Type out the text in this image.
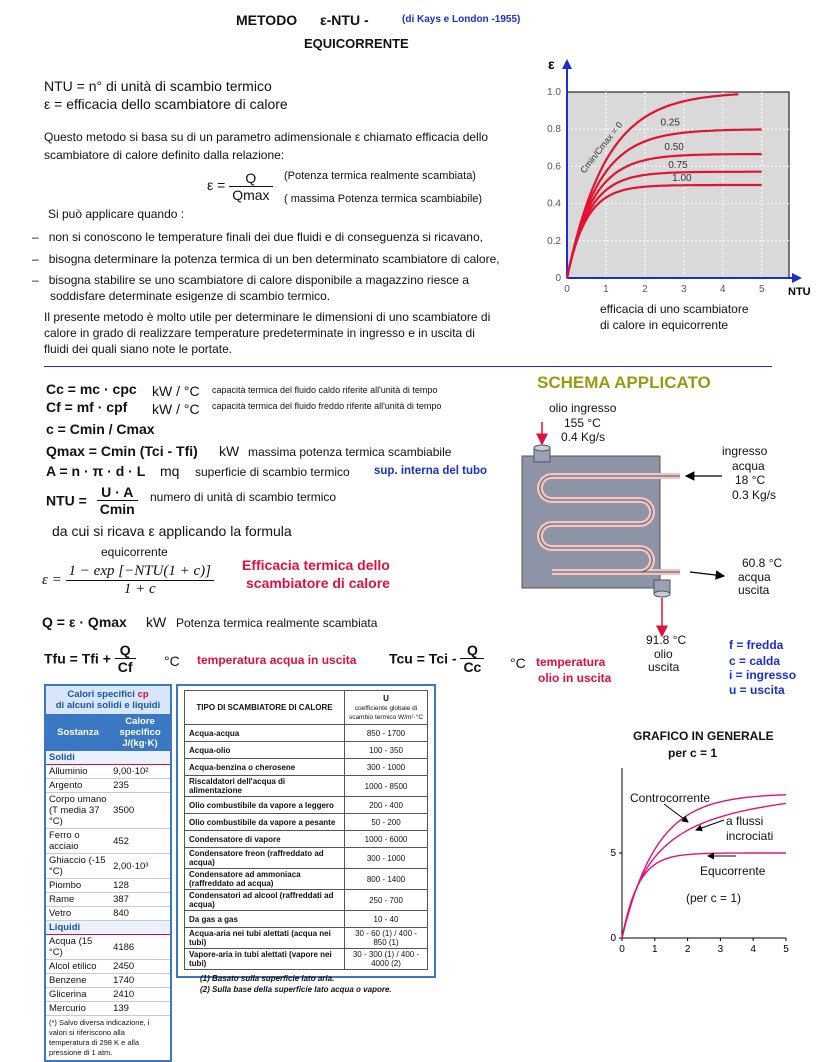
METODO ε-NTU -	(di Kays e London -1955)
EQUICORRENTE
NTU = n° di unità di scambio termico
ε = efficacia dello scambiatore di calore
Questo metodo si basa su di un parametro adimensionale ε chiamato efficacia dello
scambiatore di calore definito dalla relazione:
$\varepsilon = \frac{Q}{Qmax}$ (Potenza termica realmente scambiata)
( massima Potenza termica scambiabile)
Si può applicare quando :
–   non si conoscono le temperature finali dei due fluidi e di conseguenza si ricavano,
–   bisogna determinare la potenza termica di un ben determinato scambiatore di calore,
–   bisogna stabilire se uno scambiatore di calore disponibile a magazzino riesce a
soddisfare determinate esigenze di scambio termico.
Il presente metodo è molto utile per determinare le dimensioni di uno scambiatore di
calore in grado di realizzare temperature predeterminate in ingresso e in uscita di
fluidi dei quali siano note le portate.
0
0.2
0.4
0.6
0.8
1.0
0	1	2	3	4	5
ε
NTU
0.25
0.50
0.75
1.00
Cmin/Cmax = 0
efficacia di uno scambiatore
di calore in equicorrente
Cc = mc · cpc kW / °C capacità termica del fluido caldo riferite all'unità di tempo
Cf = mf · cpf kW / °C capacità termica del fluido freddo riferite all'unità di tempo
c = Cmin / Cmax
Qmax = Cmin (Tci - Tfi) kW massima potenza termica scambiabile
A = n · π · d · L mq superficie di scambio termico sup. interna del tubo
NTU = $\frac{U \cdot A}{Cmin}$ numero di unità di scambio termico
da cui si ricava ε applicando la formula
equicorrente
$\varepsilon = \frac{\text{1 − exp [−NTU(1 + c)]}}{1 + c}$ Efficacia termica dello
scambiatore di calore
Q = ε · Qmax kW Potenza termica realmente scambiata
Tfu = Tfi + $\frac{Q}{Cf} ^\circ C$ temperatura acqua in uscita Tcu = Tci - $\frac{Q}{Cc} ^\circ C$ temperatura
olio in uscita
SCHEMA APPLICATO
olio ingresso
155 °C
0.4 Kg/s
ingresso
acqua
18 °C
0.3 Kg/s
60.8 °C
acqua
uscita
91.8 °C
olio
uscita
f = fredda
c = calda
i = ingresso
u = uscita
Calori specifici cp
di alcuni solidi e liquidi
Sostanza	Calore specifico J/(kg·K)
Solidi	
Alluminio	9,00·10²
Argento	235
Corpo umano (T media 37 °C)	3500
Ferro o acciaio	452
Ghiaccio (-15 °C)	2,00·10³
Piombo	128
Rame	387
Vetro	840
Liquidi	
Acqua (15 °C)	4186
Alcol etilico	2450
Benzene	1740
Glicerina	2410
Mercurio	139
(*) Salvo diversa indicazione, i valori si riferiscono alla temperatura di 298 K e alla pressione di 1 atm.
TIPO DI SCAMBIATORE DI CALORE	U
coefficiente globale di scambio termico W/m²·°C
Acqua-acqua	850 - 1700
Acqua-olio	100 - 350
Acqua-benzina o cherosene	300 - 1000
Riscaldatori dell'acqua di alimentazione	1000 - 8500
Olio combustibile da vapore a leggero	200 - 400
Olio combustibile da vapore a pesante	50 - 200
Condensatore di vapore	1000 - 6000
Condensatore freon (raffreddato ad acqua)	300 - 1000
Condensatore ad ammoniaca (raffreddato ad acqua)	800 - 1400
Condensatori ad alcool (raffreddati ad acqua)	250 - 700
Da gas a gas	10 - 40
Acqua-aria nei tubi alettati (acqua nei tubi)	30 - 60 (1) / 400 - 850 (1)
Vapore-aria in tubi alettati (vapore nei tubi)	30 - 300 (1) / 400 - 4000 (2)
(1) Basato sulla superficie lato aria.
(2) Sulla base della superficie lato acqua o vapore.
GRAFICO IN GENERALE
per c = 1
0	1	2	3	4	5
0
5
Controcorrente
a flussi
incrociati
Equcorrente
(per c = 1)
